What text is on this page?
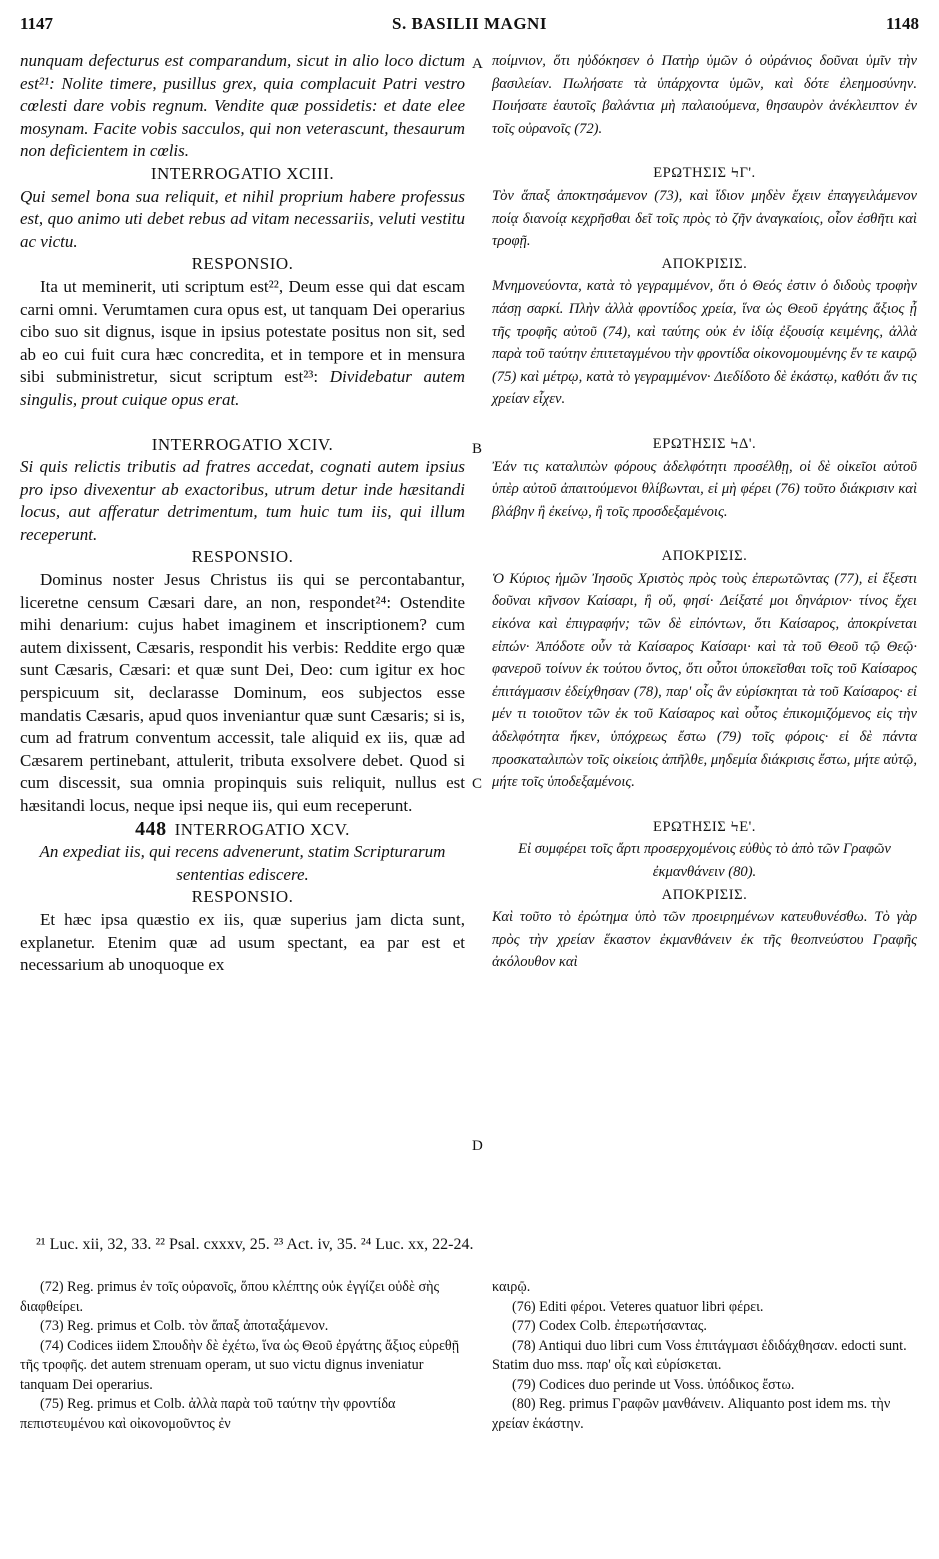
1147	S. BASILII MAGNI	1148
A
B
C
D

nunquam defecturus est comparandum, sicut in alio loco dictum est²¹: Nolite timere, pusillus grex, quia complacuit Patri vestro cœlesti dare vobis regnum. Vendite quæ possidetis: et date elee mosynam. Facite vobis sacculos, qui non veterascunt, thesaurum non deficientem in cœlis.

INTERROGATIO XCIII.

Qui semel bona sua reliquit, et nihil proprium habere professus est, quo animo uti debet rebus ad vitam necessariis, veluti vestitu ac victu.

RESPONSIO.

Ita ut meminerit, uti scriptum est²², Deum esse qui dat escam carni omni. Verumtamen cura opus est, ut tanquam Dei operarius cibo suo sit dignus, isque in ipsius potestate positus non sit, sed ab eo cui fuit cura hæc concredita, et in tempore et in mensura sibi subministretur, sicut scriptum est²³: Dividebatur autem singulis, prout cuique opus erat.

INTERROGATIO XCIV.

Si quis relictis tributis ad fratres accedat, cognati autem ipsius pro ipso divexentur ab exactoribus, utrum detur inde hæsitandi locus, aut afferatur detrimentum, tum huic tum iis, qui illum receperunt.

RESPONSIO.

Dominus noster Jesus Christus iis qui se percontabantur, liceretne censum Cæsari dare, an non, respondet²⁴: Ostendite mihi denarium: cujus habet imaginem et inscriptionem? cum autem dixissent, Cæsaris, respondit his verbis: Reddite ergo quæ sunt Cæsaris, Cæsari: et quæ sunt Dei, Deo: cum igitur ex hoc perspicuum sit, declarasse Dominum, eos subjectos esse mandatis Cæsaris, apud quos inveniantur quæ sunt Cæsaris; si is, cum ad fratrum conventum accessit, tale aliquid ex iis, quæ ad Cæsarem pertinebant, attulerit, tributa exsolvere debet. Quod si cum discessit, sua omnia propinquis suis reliquit, nullus est hæsitandi locus, neque ipsi neque iis, qui eum receperunt.

448 INTERROGATIO XCV.

An expediat iis, qui recens advenerunt, statim Scripturarum sententias ediscere.

RESPONSIO.

Et hæc ipsa quæstio ex iis, quæ superius jam dicta sunt, explanetur. Etenim quæ ad usum spectant, ea par est et necessarium ab unoquoque ex

ποίμνιον, ὅτι ηὐδόκησεν ὁ Πατὴρ ὑμῶν ὁ οὐράνιος δοῦναι ὑμῖν τὴν βασιλείαν. Πωλήσατε τὰ ὑπάρχοντα ὑμῶν, καὶ δότε ἐλεημοσύνην. Ποιήσατε ἑαυτοῖς βαλάντια μὴ παλαιούμενα, θησαυρὸν ἀνέκλειπτον ἐν τοῖς οὐρανοῖς (72).

ΕΡΩΤΗΣΙΣ ϞΓ'.

Τὸν ἅπαξ ἀποκτησάμενον (73), καὶ ἴδιον μηδὲν ἔχειν ἐπαγγειλάμενον ποίᾳ διανοίᾳ κεχρῆσθαι δεῖ τοῖς πρὸς τὸ ζῆν ἀναγκαίοις, οἷον ἐσθῆτι καὶ τροφῇ.

ΑΠΟΚΡΙΣΙΣ.

Μνημονεύοντα, κατὰ τὸ γεγραμμένον, ὅτι ὁ Θεός ἐστιν ὁ διδοὺς τροφὴν πάσῃ σαρκί. Πλὴν ἀλλὰ φροντίδος χρεία, ἵνα ὡς Θεοῦ ἐργάτης ἄξιος ᾖ τῆς τροφῆς αὐτοῦ (74), καὶ ταύτης οὐκ ἐν ἰδίᾳ ἐξουσίᾳ κειμένης, ἀλλὰ παρὰ τοῦ ταύτην ἐπιτεταγμένου τὴν φροντίδα οἰκονομουμένης ἔν τε καιρῷ (75) καὶ μέτρῳ, κατὰ τὸ γεγραμμένον· Διεδίδοτο δὲ ἑκάστῳ, καθότι ἄν τις χρείαν εἶχεν.

ΕΡΩΤΗΣΙΣ ϞΔ'.

Ἐάν τις καταλιπὼν φόρους ἀδελφότητι προσέλθῃ, οἱ δὲ οἰκεῖοι αὐτοῦ ὑπὲρ αὐτοῦ ἀπαιτούμενοι θλίβωνται, εἰ μὴ φέρει (76) τοῦτο διάκρισιν καὶ βλάβην ἢ ἐκείνῳ, ἢ τοῖς προσδεξαμένοις.

ΑΠΟΚΡΙΣΙΣ.

Ὁ Κύριος ἡμῶν Ἰησοῦς Χριστὸς πρὸς τοὺς ἐπερωτῶντας (77), εἰ ἔξεστι δοῦναι κῆνσον Καίσαρι, ἢ οὔ, φησί· Δείξατέ μοι δηνάριον· τίνος ἔχει εἰκόνα καὶ ἐπιγραφήν; τῶν δὲ εἰπόντων, ὅτι Καίσαρος, ἀποκρίνεται εἰπών· Ἀπόδοτε οὖν τὰ Καίσαρος Καίσαρι· καὶ τὰ τοῦ Θεοῦ τῷ Θεῷ· φανεροῦ τοίνυν ἐκ τούτου ὄντος, ὅτι οὗτοι ὑποκεῖσθαι τοῖς τοῦ Καίσαρος ἐπιτάγμασιν ἐδείχθησαν (78), παρ' οἷς ἂν εὑρίσκηται τὰ τοῦ Καίσαρος· εἰ μέν τι τοιοῦτον τῶν ἐκ τοῦ Καίσαρος καὶ οὗτος ἐπικομιζόμενος εἰς τὴν ἀδελφότητα ἥκεν, ὑπόχρεως ἔστω (79) τοῖς φόροις· εἰ δὲ πάντα προσκαταλιπὼν τοῖς οἰκείοις ἀπῆλθε, μηδεμία διάκρισις ἔστω, μήτε αὐτῷ, μήτε τοῖς ὑποδεξαμένοις.

ΕΡΩΤΗΣΙΣ ϞΕ'.

Εἰ συμφέρει τοῖς ἄρτι προσερχομένοις εὐθὺς τὸ ἀπὸ τῶν Γραφῶν ἐκμανθάνειν (80).

ΑΠΟΚΡΙΣΙΣ.

Καὶ τοῦτο τὸ ἐρώτημα ὑπὸ τῶν προειρημένων κατευθυνέσθω. Τὸ γὰρ πρὸς τὴν χρείαν ἕκαστον ἐκμανθάνειν ἐκ τῆς θεοπνεύστου Γραφῆς ἀκόλουθον καὶ

²¹ Luc. xii, 32, 33. ²² Psal. cxxxv, 25. ²³ Act. iv, 35. ²⁴ Luc. xx, 22-24.

(72) Reg. primus ἐν τοῖς οὐρανοῖς, ὅπου κλέπτης οὐκ ἐγγίζει οὐδὲ σὴς διαφθείρει.

(73) Reg. primus et Colb. τὸν ἅπαξ ἀποταξάμενον.

(74) Codices iidem Σπουδὴν δὲ ἐχέτω, ἵνα ὡς Θεοῦ ἐργάτης ἄξιος εὑρεθῇ τῆς τροφῆς. det autem strenuam operam, ut suo victu dignus inveniatur tanquam Dei operarius.

(75) Reg. primus et Colb. ἀλλὰ παρὰ τοῦ ταύτην τὴν φροντίδα πεπιστευμένου καὶ οἰκονομοῦντος ἐν

καιρῷ.

(76) Editi φέροι. Veteres quatuor libri φέρει.

(77) Codex Colb. ἐπερωτήσαντας.

(78) Antiqui duo libri cum Voss ἐπιτάγμασι ἐδιδάχθησαν. edocti sunt. Statim duo mss. παρ' οἷς καὶ εὑρίσκεται.

(79) Codices duo perinde ut Voss. ὑπόδικος ἔστω.

(80) Reg. primus Γραφῶν μανθάνειν. Aliquanto post idem ms. τὴν χρείαν ἑκάστην.
